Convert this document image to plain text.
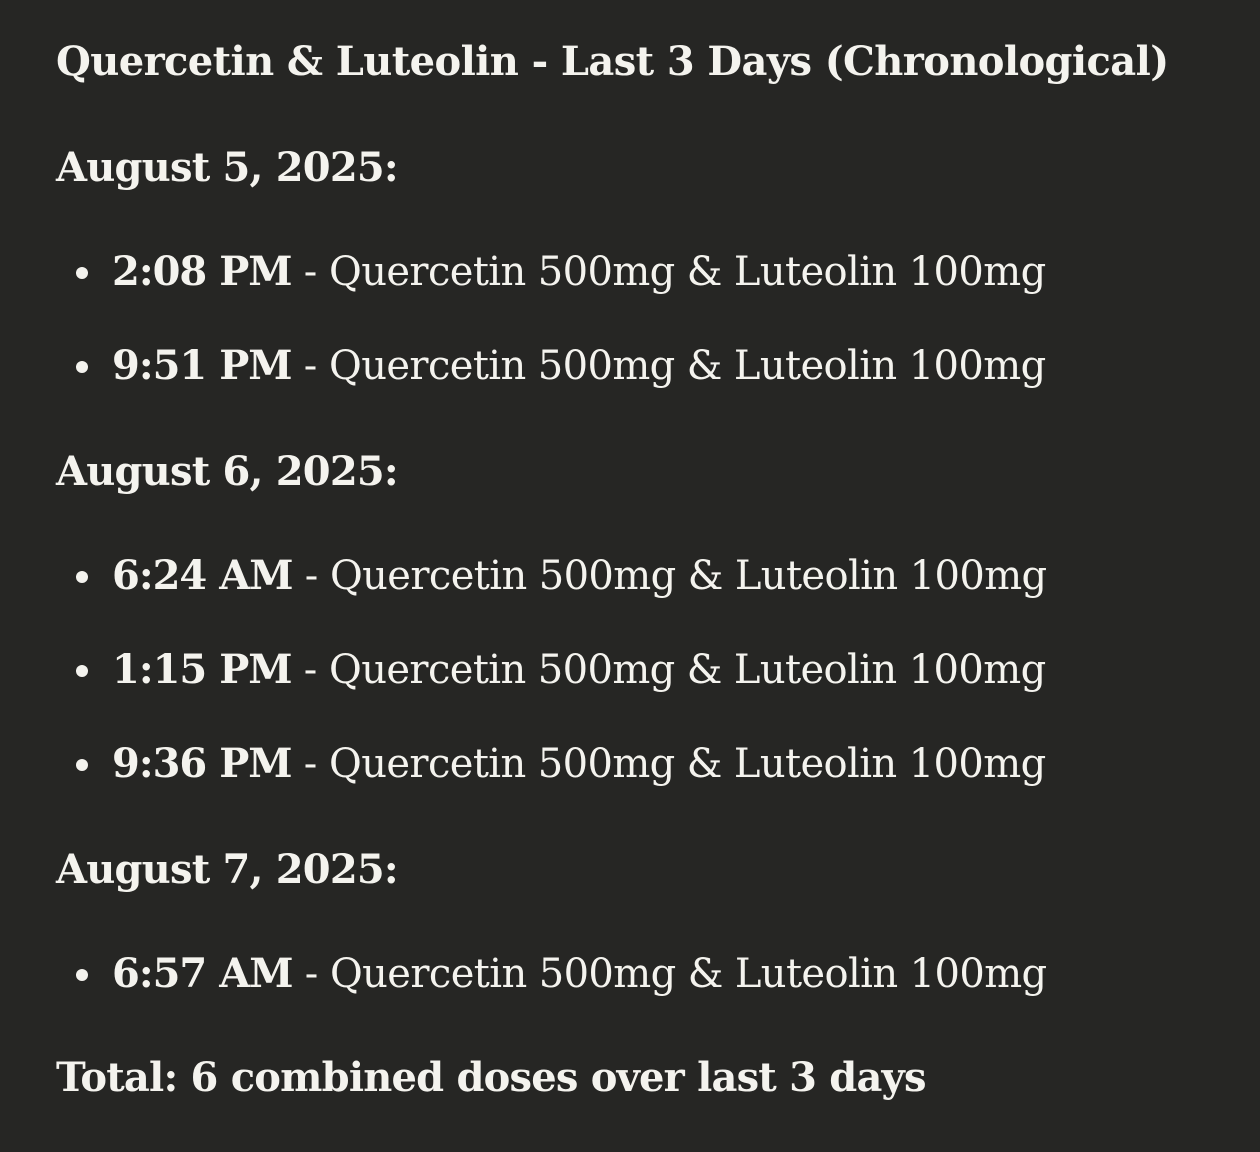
Quercetin & Luteolin - Last 3 Days (Chronological)
August 5, 2025:
2:08 PM - Quercetin 500mg & Luteolin 100mg
9:51 PM - Quercetin 500mg & Luteolin 100mg
August 6, 2025:
6:24 AM - Quercetin 500mg & Luteolin 100mg
1:15 PM - Quercetin 500mg & Luteolin 100mg
9:36 PM - Quercetin 500mg & Luteolin 100mg
August 7, 2025:
6:57 AM - Quercetin 500mg & Luteolin 100mg

Total: 6 combined doses over last 3 days
